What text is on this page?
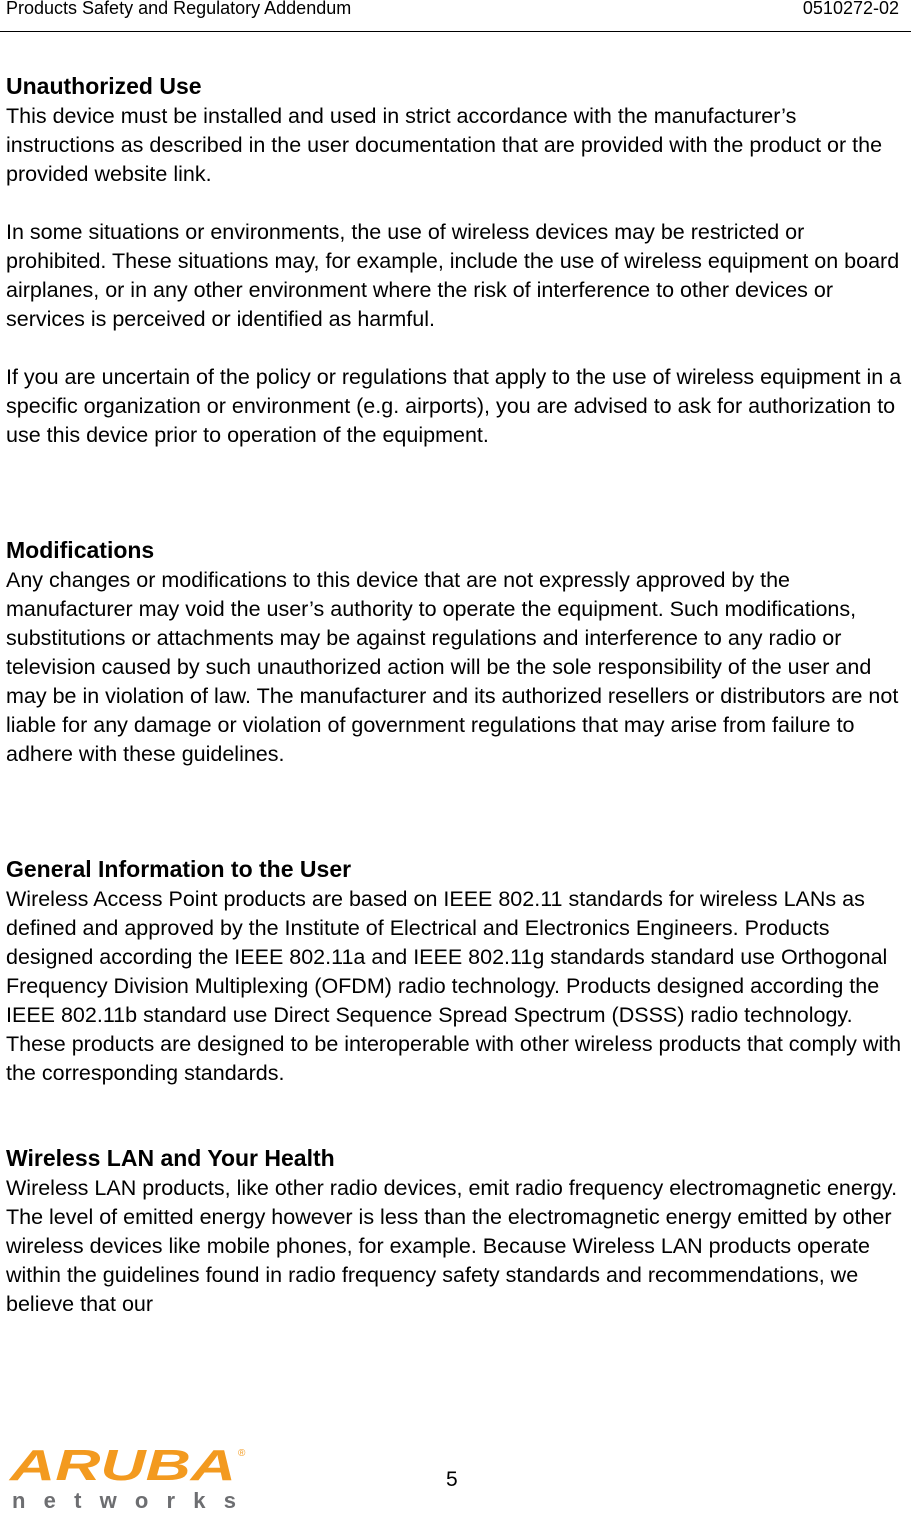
Products Safety and Regulatory Addendum	0510272-02
Unauthorized Use

This device must be installed and used in strict accordance with the manufacturer’s instructions as described in the user documentation that are provided with the product or the provided website link.

In some situations or environments, the use of wireless devices may be restricted or prohibited. These situations may, for example, include the use of wireless equipment on board airplanes, or in any other environment where the risk of interference to other devices or services is perceived or identified as harmful.

If you are uncertain of the policy or regulations that apply to the use of wireless equipment in a specific organization or environment (e.g. airports), you are advised to ask for authorization to use this device prior to operation of the equipment.

Modifications

Any changes or modifications to this device that are not expressly approved by the manufacturer may void the user’s authority to operate the equipment. Such modifications, substitutions or attachments may be against regulations and interference to any radio or television caused by such unauthorized action will be the sole responsibility of the user and may be in violation of law. The manufacturer and its authorized resellers or distributors are not liable for any damage or violation of government regulations that may arise from failure to adhere with these guidelines.

General Information to the User

Wireless Access Point products are based on IEEE 802.11 standards for wireless LANs as defined and approved by the Institute of Electrical and Electronics Engineers. Products designed according the IEEE 802.11a and IEEE 802.11g standards standard use Orthogonal Frequency Division Multiplexing (OFDM) radio technology. Products designed according the IEEE 802.11b standard use Direct Sequence Spread Spectrum (DSSS) radio technology. These products are designed to be interoperable with other wireless products that comply with the corresponding standards.

Wireless LAN and Your Health

Wireless LAN products, like other radio devices, emit radio frequency electromagnetic energy. The level of emitted energy however is less than the electromagnetic energy emitted by other wireless devices like mobile phones, for example. Because Wireless LAN products operate within the guidelines found in radio frequency safety standards and recommendations, we believe that our

ARUBA ®
networks
5
